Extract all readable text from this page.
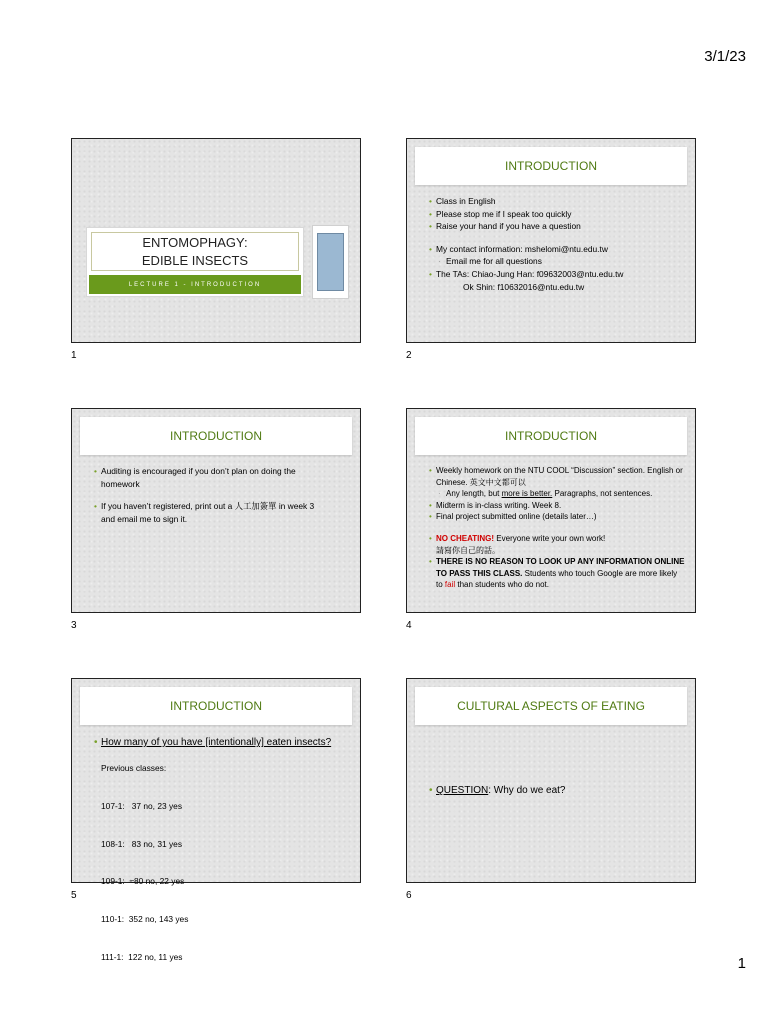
3/1/23
ENTOMOPHAGY:
EDIBLE INSECTS
LECTURE 1 - INTRODUCTION
1
INTRODUCTION
• Class in English
• Please stop me if I speak too quickly
• Raise your hand if you have a question
• My contact information: mshelomi@ntu.edu.tw
· Email me for all questions
• The TAs: Chiao-Jung Han: f09632003@ntu.edu.tw
Ok Shin: f10632016@ntu.edu.tw
2
INTRODUCTION
• Auditing is encouraged if you don’t plan on doing the homework
• If you haven’t registered, print out a 人工加簽單 in week 3 and email me to sign it.
3
INTRODUCTION
• Weekly homework on the NTU COOL “Discussion” section. English or Chinese. 英文中文都可以
· Any length, but more is better. Paragraphs, not sentences.
• Midterm is in-class writing. Week 8.
• Final project submitted online (details later…)
• NO CHEATING! Everyone write your own work!
請寫你自己的話。
• THERE IS NO REASON TO LOOK UP ANY INFORMATION ONLINE TO PASS THIS CLASS. Students who touch Google are more likely to fail than students who do not.
4
INTRODUCTION
• How many of you have [intentionally] eaten insects?
Previous classes:

107-1:   37 no, 23 yes

108-1:   83 no, 31 yes

109-1:  ≈80 no, 22 yes

110-1:  352 no, 143 yes

111-1:  122 no, 11 yes

5
CULTURAL ASPECTS OF EATING
• QUESTION: Why do we eat?
6
1
